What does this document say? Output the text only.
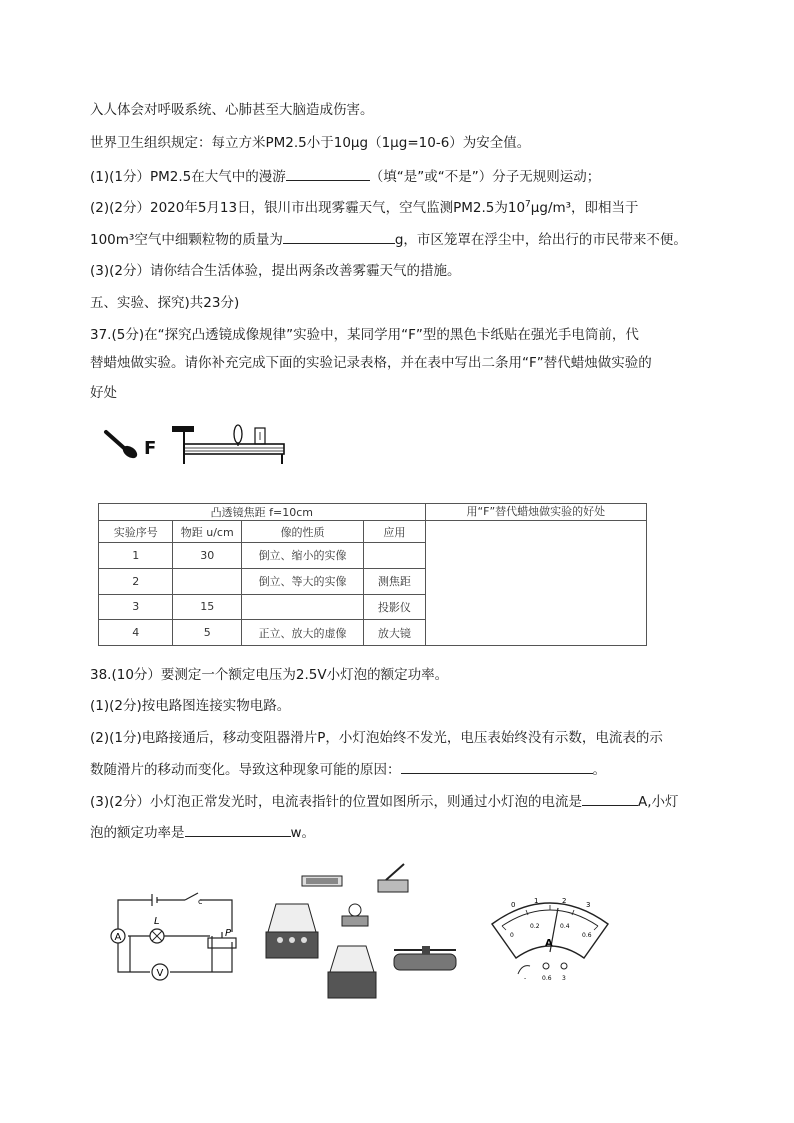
入人体会对呼吸系统、心肺甚至大脑造成伤害。
世界卫生组织规定：每立方米PM2.5小于10μg（1μg=10-6）为安全值。
(1)(1分）PM2.5在大气中的漫游	（填“是”或“不是”）分子无规则运动；
(2)(2分）2020年5月13日，银川市出现雾霾天气，空气监测PM2.5为$10^7\mu g/m^3$，即相当于
100m³空气中细颗粒物的质量为	g，市区笼罩在浮尘中，给出行的市民带来不便。
(3)(2分）请你结合生活体验，提出两条改善雾霾天气的措施。
五、实验、探究)共23分)
37.(5分)在“探究凸透镜成像规律”实验中，某同学用“F”型的黑色卡纸贴在强光手电筒前，代
替蜡烛做实验。请你补充完成下面的实验记录表格，并在表中写出二条用“F”替代蜡烛做实验的
好处
F
凸透镜焦距 f=10cm				用“F”替代蜡烛做实验的好处

实验序号	物距 u/cm	像的性质	应用	
1	30	倒立、缩小的实像		
2		倒立、等大的实像	测焦距	
3	15		投影仪	
4	5	正立、放大的虚像	放大镜	
38.(10分）要测定一个额定电压为2.5V小灯泡的额定功率。
(1)(2分)按电路图连接实物电路。
(2)(1分)电路接通后，移动变阻器滑片P，小灯泡始终不发光，电压表始终没有示数，电流表的示
数随滑片的移动而变化。导致这种现象可能的原因：	。
(3)(2分）小灯泡正常发光时，电流表指针的位置如图所示，则通过小灯泡的电流是	A,小灯
泡的额定功率是	w。
A
L
V
P
c	0	1	2	3
0
0.2	0.4
0.6
A
-	0.6 3
